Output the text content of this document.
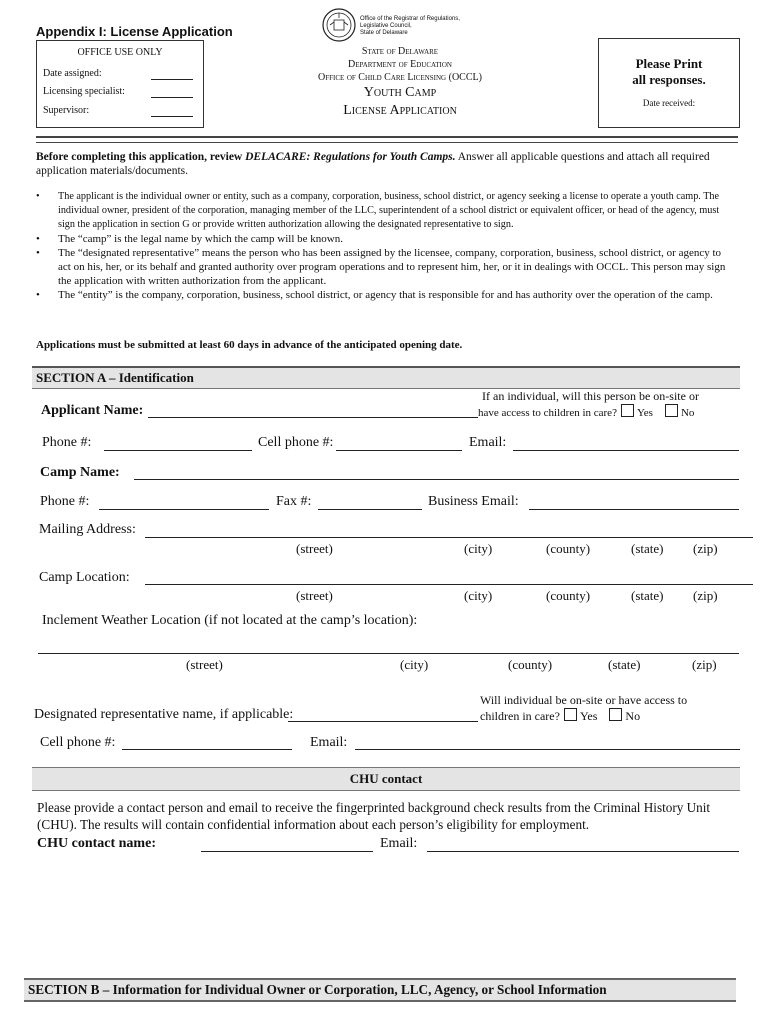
Appendix I: License Application
Office of the Registrar of Regulations,
Legislative Council,
State of Delaware
OFFICE USE ONLY
Date assigned:
Licensing specialist:
Supervisor:
State of Delaware
Department of Education
Office of Child Care Licensing (OCCL)
Youth Camp
License Application
Please Print
all responses.
Date received:
Before completing this application, review DELACARE: Regulations for Youth Camps. Answer all applicable questions and attach all required application materials/documents.
• The applicant is the individual owner or entity, such as a company, corporation, business, school district, or agency seeking a license to operate a youth camp. The individual owner, president of the corporation, managing member of the LLC, superintendent of a school district or equivalent officer, or head of the agency, must sign the application in section G or provide written authorization allowing the designated representative to sign.
• The “camp” is the legal name by which the camp will be known.
• The “designated representative” means the person who has been assigned by the licensee, company, corporation, business, school district, or agency to act on his, her, or its behalf and granted authority over program operations and to represent him, her, or it in dealings with OCCL. This person may sign the application with written authorization from the applicant.
• The “entity” is the company, corporation, business, school district, or agency that is responsible for and has authority over the operation of the camp.
Applications must be submitted at least 60 days in advance of the anticipated opening date.
SECTION A – Identification
Applicant Name:
If an individual, will this person be on-site or
have access to children in care? Yes	No
Phone #:	Cell phone #:	Email:
Camp Name:
Phone #:	Fax #:	Business Email:
Mailing Address:
(street)	(city)	(county)	(state) (zip)
Camp Location:
(street)	(city)	(county)	(state) (zip)
Inclement Weather Location (if not located at the camp’s location):
(street)	(city)	(county)	(state)	(zip)
Designated representative name, if applicable:
Will individual be on-site or have access to
children in care? Yes No
Cell phone #:	Email:
CHU contact
Please provide a contact person and email to receive the fingerprinted background check results from the Criminal History Unit (CHU). The results will contain confidential information about each person’s eligibility for employment.
CHU contact name:	Email:
SECTION B – Information for Individual Owner or Corporation, LLC, Agency, or School Information
